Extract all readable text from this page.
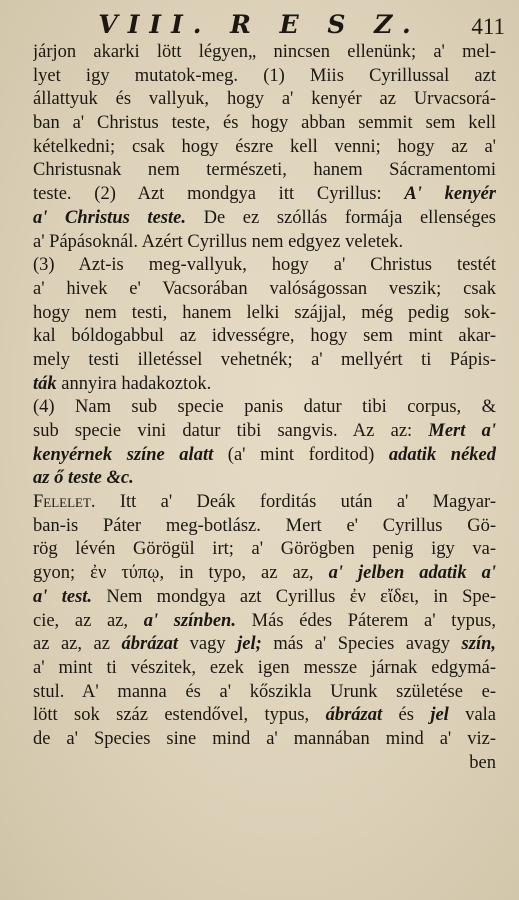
VIII. R E S Z.	411
járjon akarki lött légyen„ nincsen ellenünk; a' mel-
lyet igy mutatok-meg. (1) Miis Cyrillussal azt
állattyuk és vallyuk, hogy a' kenyér az Urvacsorá-
ban a' Christus teste, és hogy abban semmit sem kell
kételkedni; csak hogy észre kell venni; hogy az a'
Christusnak nem természeti, hanem Sácramentomi
teste. (2) Azt mondgya itt Cyrillus: A' kenyér
a' Christus teste. De ez szóllás formája ellenséges
a' Pápásoknál. Azért Cyrillus nem edgyez veletek.
(3) Azt-is meg-vallyuk, hogy a' Christus testét
a' hivek e' Vacsorában valóságossan veszik; csak
hogy nem testi, hanem lelki szájjal, még pedig sok-
kal bóldogabbul az idvességre, hogy sem mint akar-
mely testi illetéssel vehetnék; a' mellyért ti Pápis-
ták annyira hadakoztok.
(4) Nam sub specie panis datur tibi corpus, &
sub specie vini datur tibi sangvis. Az az: Mert a'
kenyérnek színe alatt (a' mint forditod) adatik néked
az ő teste &c.
Felelet. Itt a' Deák forditás után a' Magyar-
ban-is Páter meg-botlász. Mert e' Cyrillus Gö-
rög lévén Görögül irt; a' Görögben penig igy va-
gyon; ἐν τύπῳ, in typo, az az, a' jelben adatik a'
a' test. Nem mondgya azt Cyrillus ἐν εἴδει, in Spe-
cie, az az, a' színben. Más édes Páterem a' typus,
az az, az ábrázat vagy jel; más a' Species avagy szín,
a' mint ti vészitek, ezek igen messze járnak edgymá-
stul. A' manna és a' kőszikla Urunk születése e-
lött sok száz estendővel, typus, ábrázat és jel vala
de a' Species sine mind a' mannában mind a' viz-
ben
